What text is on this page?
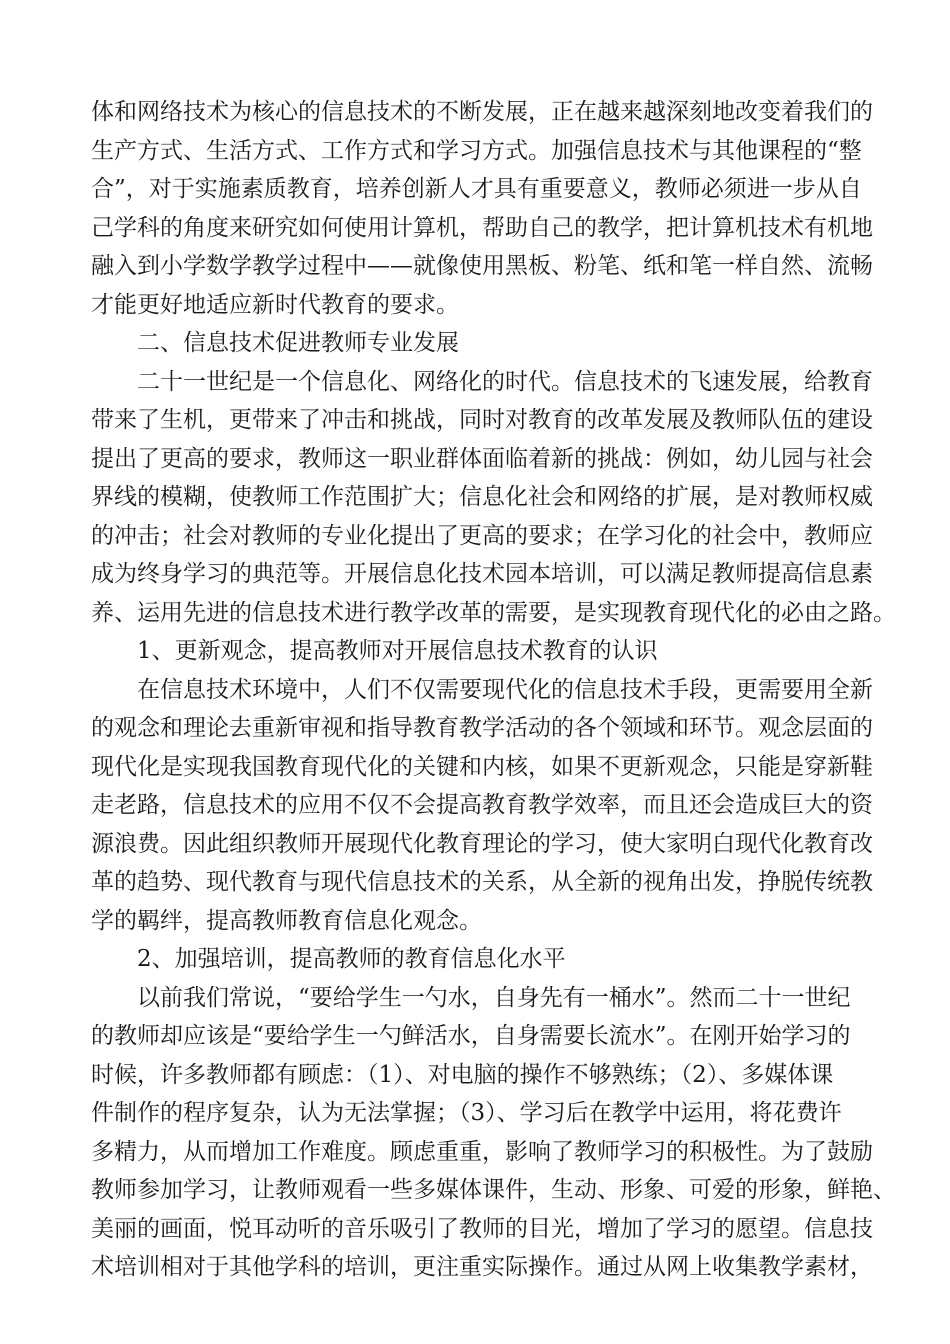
体和网络技术为核心的信息技术的不断发展，正在越来越深刻地改变着我们的
生产方式、生活方式、工作方式和学习方式。加强信息技术与其他课程的“整
合”，对于实施素质教育，培养创新人才具有重要意义，教师必须进一步从自
己学科的角度来研究如何使用计算机，帮助自己的教学，把计算机技术有机地
融入到小学数学教学过程中——就像使用黑板、粉笔、纸和笔一样自然、流畅
才能更好地适应新时代教育的要求。
二、信息技术促进教师专业发展
二十一世纪是一个信息化、网络化的时代。信息技术的飞速发展，给教育
带来了生机，更带来了冲击和挑战，同时对教育的改革发展及教师队伍的建设
提出了更高的要求，教师这一职业群体面临着新的挑战：例如，幼儿园与社会
界线的模糊，使教师工作范围扩大；信息化社会和网络的扩展，是对教师权威
的冲击；社会对教师的专业化提出了更高的要求；在学习化的社会中，教师应
成为终身学习的典范等。开展信息化技术园本培训，可以满足教师提高信息素
养、运用先进的信息技术进行教学改革的需要，是实现教育现代化的必由之路。
1、更新观念，提高教师对开展信息技术教育的认识
在信息技术环境中，人们不仅需要现代化的信息技术手段，更需要用全新
的观念和理论去重新审视和指导教育教学活动的各个领域和环节。观念层面的
现代化是实现我国教育现代化的关键和内核，如果不更新观念，只能是穿新鞋
走老路，信息技术的应用不仅不会提高教育教学效率，而且还会造成巨大的资
源浪费。因此组织教师开展现代化教育理论的学习，使大家明白现代化教育改
革的趋势、现代教育与现代信息技术的关系，从全新的视角出发，挣脱传统教
学的羁绊，提高教师教育信息化观念。
2、加强培训，提高教师的教育信息化水平
以前我们常说，“要给学生一勺水，自身先有一桶水”。然而二十一世纪
的教师却应该是“要给学生一勺鲜活水，自身需要长流水”。在刚开始学习的
时候，许多教师都有顾虑：（1）、对电脑的操作不够熟练；（2）、多媒体课
件制作的程序复杂，认为无法掌握；（3）、学习后在教学中运用，将花费许
多精力，从而增加工作难度。顾虑重重，影响了教师学习的积极性。为了鼓励
教师参加学习，让教师观看一些多媒体课件，生动、形象、可爱的形象，鲜艳、
美丽的画面，悦耳动听的音乐吸引了教师的目光，增加了学习的愿望。信息技
术培训相对于其他学科的培训，更注重实际操作。通过从网上收集教学素材，
